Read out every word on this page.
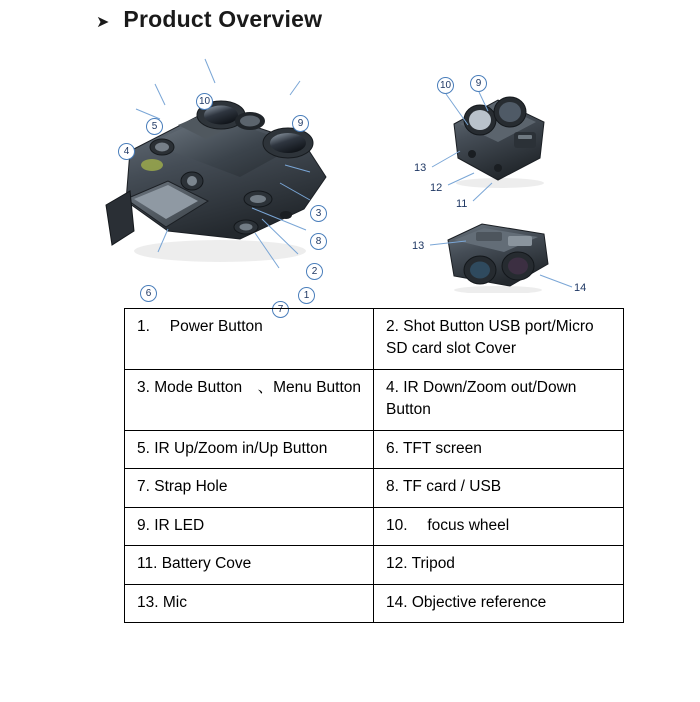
➤ Product Overview
10
5	9
4
3
8
2
6
7
1
10	9
13
12
11
13
14
1.  Power Button	2. Shot Button USB port/Micro SD card slot Cover
3. Mode Button　、Menu Button	4. IR Down/Zoom out/Down Button
5. IR Up/Zoom in/Up Button	6. TFT screen
7. Strap Hole	8. TF card / USB
9. IR LED	10.  focus wheel
11. Battery Cove	12. Tripod
13. Mic	14. Objective reference
